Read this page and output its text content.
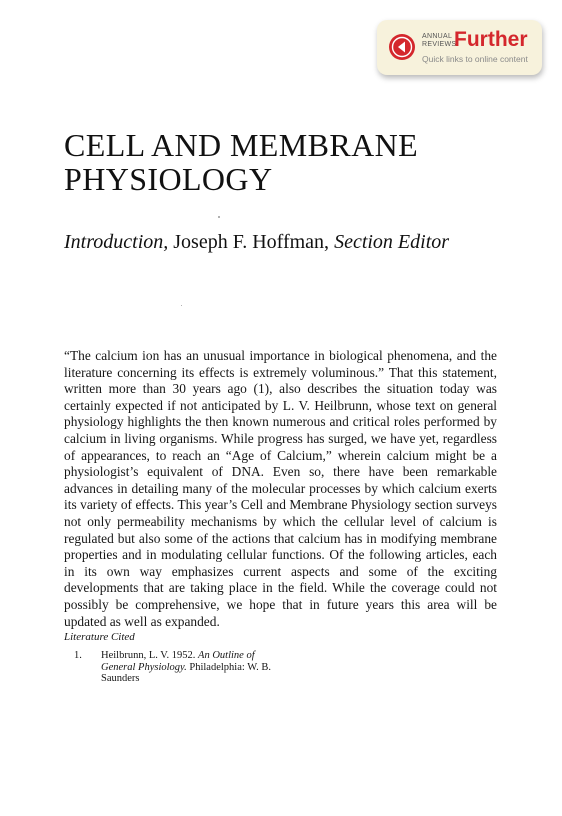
ANNUAL
REVIEWS
Further
Quick links to online content
CELL AND MEMBRANE
PHYSIOLOGY
Introduction, Joseph F. Hoffman, Section Editor

“The calcium ion has an unusual importance in biological phenomena, and the literature concerning its effects is extremely voluminous.” That this statement, written more than 30 years ago (1), also describes the situation today was certainly expected if not anticipated by L. V. Heilbrunn, whose text on general physiology highlights the then known numerous and critical roles performed by calcium in living organisms. While progress has surged, we have yet, regardless of appearances, to reach an “Age of Calcium,” wherein calcium might be a physiologist’s equivalent of DNA. Even so, there have been remarkable advances in detailing many of the molecular processes by which calcium exerts its variety of effects. This year’s Cell and Membrane Physiology section surveys not only permeability mechanisms by which the cellular level of calcium is regulated but also some of the actions that calcium has in modifying membrane properties and in modulating cellular functions. Of the following articles, each in its own way emphasizes current aspects and some of the exciting developments that are taking place in the field. While the coverage could not possibly be comprehensive, we hope that in future years this area will be updated as well as expanded.

Literature Cited
1. Heilbrunn, L. V. 1952. An Outline of General Physiology. Philadelphia: W. B. Saunders
